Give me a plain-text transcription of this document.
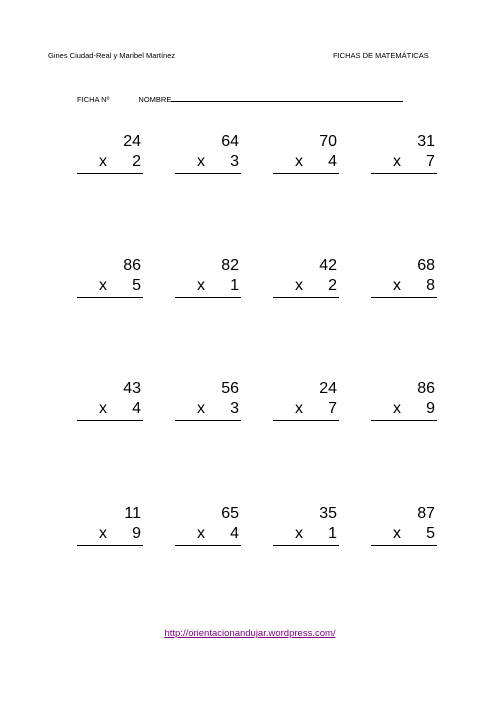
Gines Ciudad-Real y Maribel Martínez	FICHAS DE MATEMÁTICAS
FICHA Nº	NOMBRE
24
x 2
64
x 3
70
x 4
31
x 7
86
x 5
82
x 1
42
x 2
68
x 8
43
x 4
56
x 3
24
x 7
86
x 9
11
x 9
65
x 4
35
x 1
87
x 5
http://orientacionandujar.wordpress.com/
